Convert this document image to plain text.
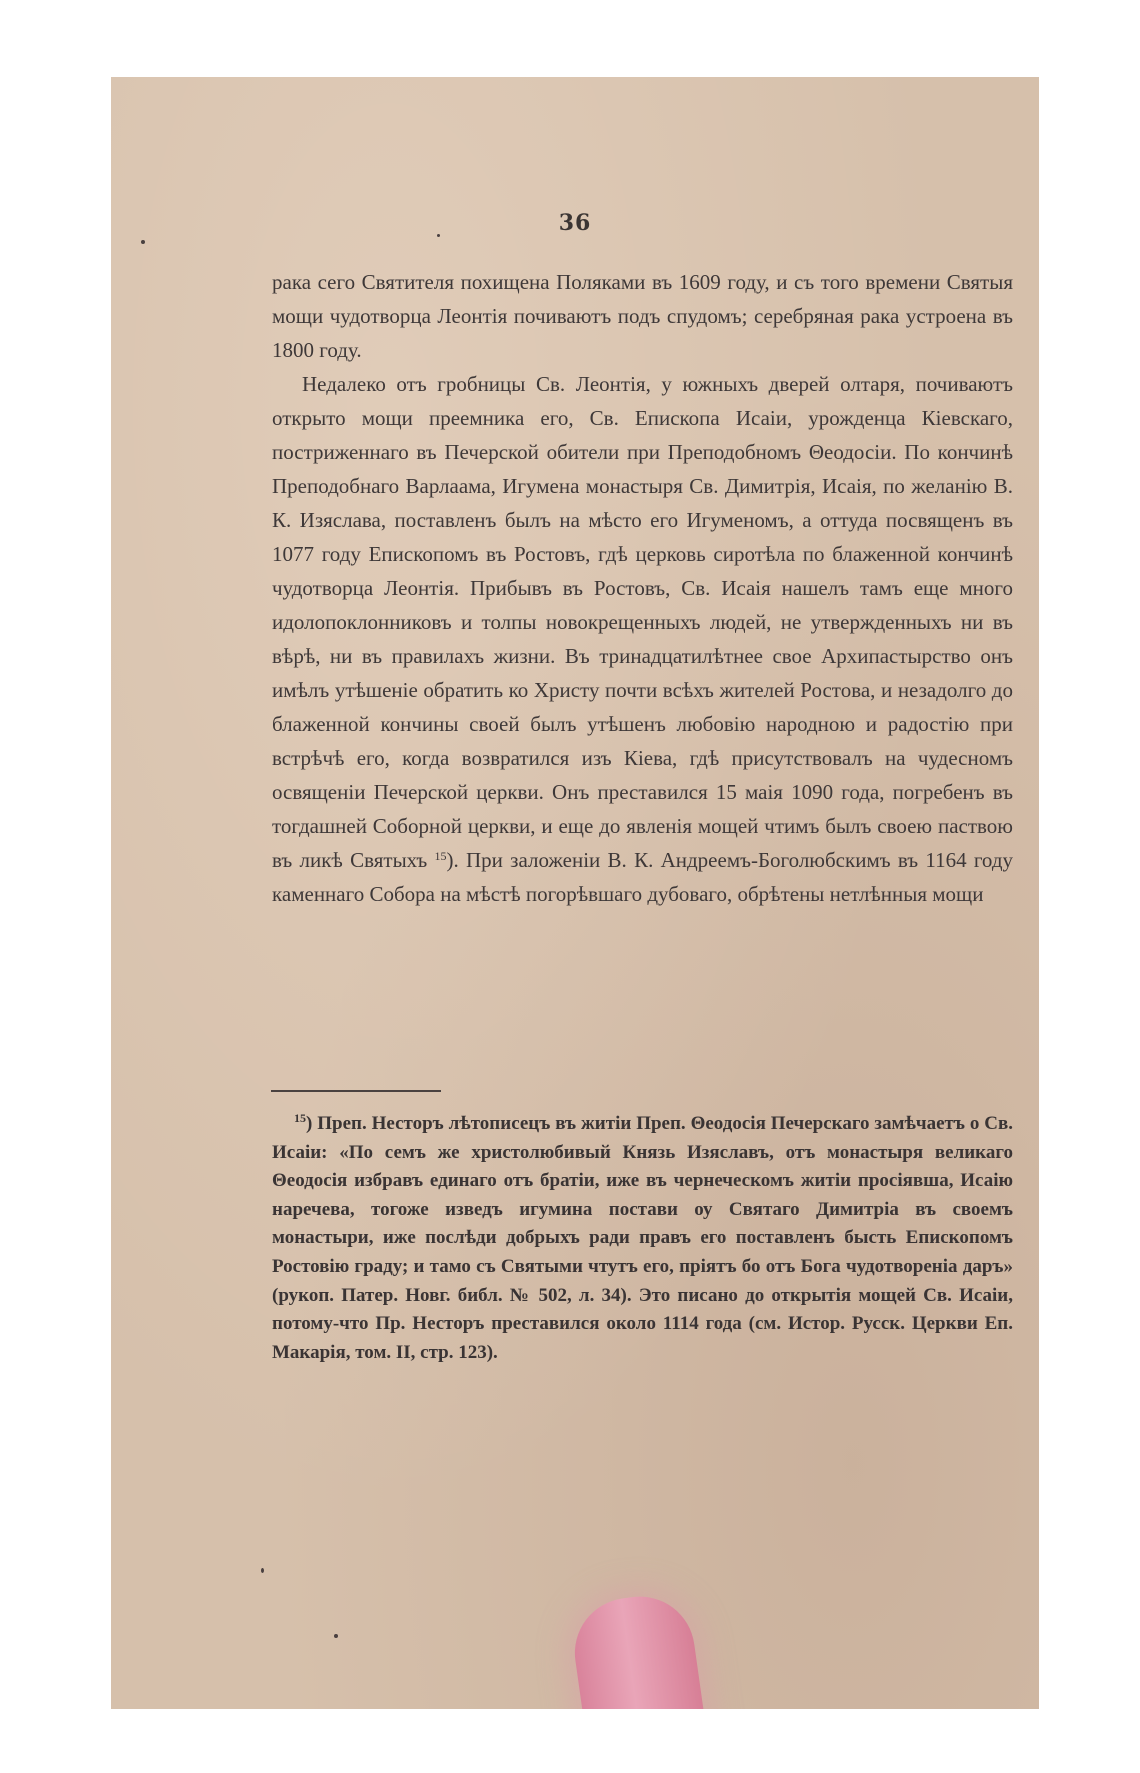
36

рака сего Святителя похищена Поляками въ 1609 году, и съ того времени Святыя мощи чудотворца Леонтія почиваютъ подъ спудомъ; серебряная рака устроена въ 1800 году.

Недалеко отъ гробницы Св. Леонтія, у южныхъ дверей олтаря, почиваютъ открыто мощи преемника его, Св. Епископа Исаіи, урожденца Кіевскаго, постриженнаго въ Печерской обители при Преподобномъ Θеодосіи. По кончинѣ Преподобнаго Варлаама, Игумена монастыря Св. Димитрія, Исаія, по желанію В. К. Изяслава, поставленъ былъ на мѣсто его Игуменомъ, а оттуда посвященъ въ 1077 году Епископомъ въ Ростовъ, гдѣ церковь сиротѣла по блаженной кончинѣ чудотворца Леонтія. Прибывъ въ Ростовъ, Св. Исаія нашелъ тамъ еще много идолопоклонниковъ и толпы новокрещенныхъ людей, не утвержденныхъ ни въ вѣрѣ, ни въ правилахъ жизни. Въ тринадцатилѣтнее свое Архипастырство онъ имѣлъ утѣшеніе обратить ко Христу почти всѣхъ жителей Ростова, и незадолго до блаженной кончины своей былъ утѣшенъ любовію народною и радостію при встрѣчѣ его, когда возвратился изъ Кіева, гдѣ присутствовалъ на чудесномъ освященіи Печерской церкви. Онъ преставился 15 маія 1090 года, погребенъ въ тогдашней Соборной церкви, и еще до явленія мощей чтимъ былъ своею паствою въ ликѣ Святыхъ $^{15}$). При заложеніи В. К. Андреемъ-Боголюбскимъ въ 1164 году каменнаго Собора на мѣстѣ погорѣвшаго дубоваго, обрѣтены нетлѣнныя мощи

$^{15}$) Преп. Несторъ лѣтописецъ въ житіи Преп. Θеодосія Печерскаго замѣчаетъ о Св. Исаіи: «По семъ же христолюбивый Князь Изяславъ, отъ монастыря великаго Θеодосія избравъ единаго отъ братіи, иже въ чернеческомъ житіи просіявша, Исаію наречева, тогоже изведъ игумина постави оу Святаго Димитріа въ своемъ монастыри, иже послѣди добрыхъ ради правъ его поставленъ бысть Епископомъ Ростовію граду; и тамо съ Святыми чтутъ его, пріятъ бо отъ Бога чудотвореніа даръ» (рукоп. Патер. Новг. библ. № 502, л. 34). Это писано до открытія мощей Св. Исаіи, потому-что Пр. Несторъ преставился около 1114 года (см. Истор. Русск. Церкви Еп. Макарія, том. II, стр. 123).
